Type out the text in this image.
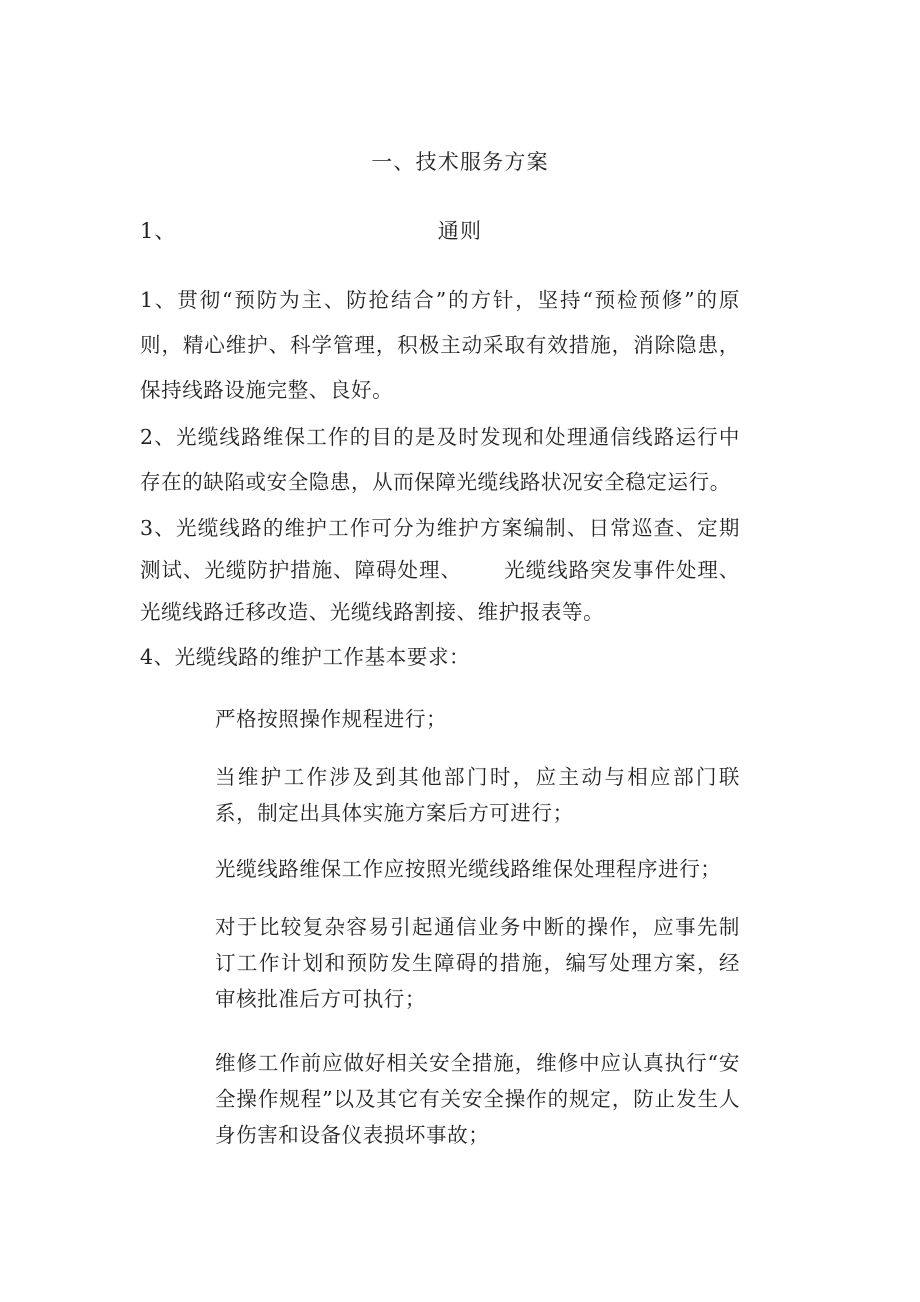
一、技术服务方案
1、	通则

1、贯彻“预防为主、防抢结合”的方针，坚持“预检预修”的原则，精心维护、科学管理，积极主动采取有效措施，消除隐患，保持线路设施完整、良好。

2、光缆线路维保工作的目的是及时发现和处理通信线路运行中存在的缺陷或安全隐患，从而保障光缆线路状况安全稳定运行。

3、光缆线路的维护工作可分为维护方案编制、日常巡查、定期测试、光缆防护措施、障碍处理、 光缆线路突发事件处理、光缆线路迁移改造、光缆线路割接、维护报表等。

4、光缆线路的维护工作基本要求：

严格按照操作规程进行；

当维护工作涉及到其他部门时，应主动与相应部门联系，制定出具体实施方案后方可进行；

光缆线路维保工作应按照光缆线路维保处理程序进行；

对于比较复杂容易引起通信业务中断的操作，应事先制订工作计划和预防发生障碍的措施，编写处理方案，经审核批准后方可执行；

维修工作前应做好相关安全措施，维修中应认真执行“安全操作规程”以及其它有关安全操作的规定，防止发生人身伤害和设备仪表损坏事故；
